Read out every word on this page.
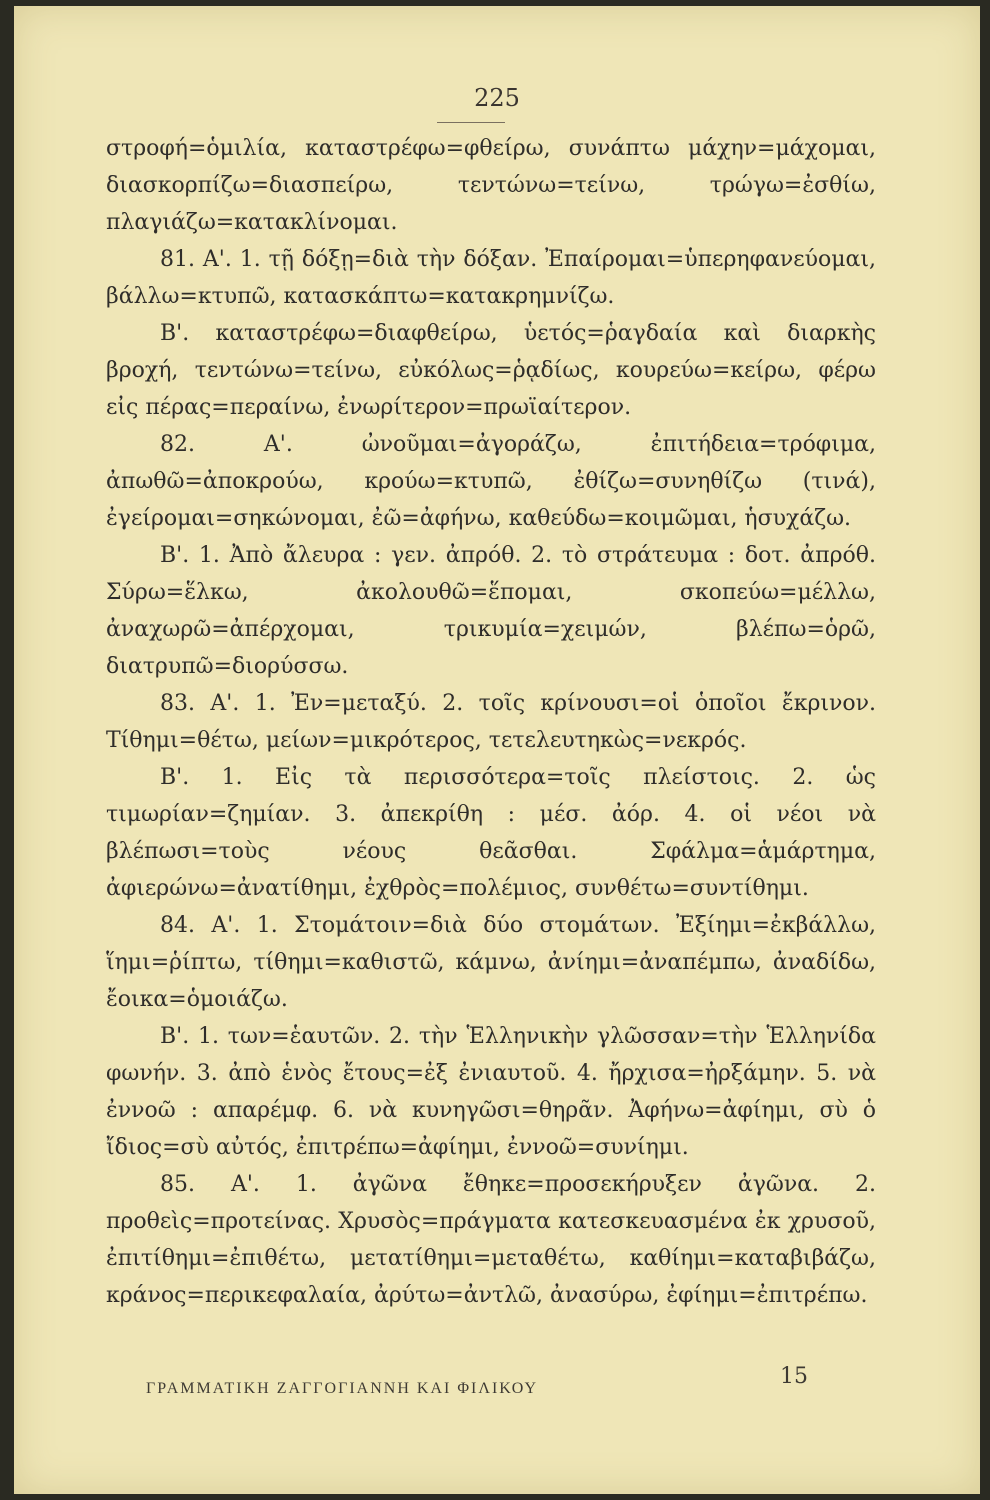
225

στροφή=ὁμιλία, καταστρέφω=φθείρω, συνάπτω μάχην=μάχομαι, διασκορπίζω=διασπείρω, τεντώνω=τείνω, τρώγω=ἐσθίω, πλαγιάζω=κατακλίνομαι.

81. Α'. 1. τῇ δόξῃ=διὰ τὴν δόξαν. Ἐπαίρομαι=ὑπερηφανεύομαι, βάλλω=κτυπῶ, κατασκάπτω=κατακρημνίζω.

Β'. καταστρέφω=διαφθείρω, ὑετός=ῥαγδαία καὶ διαρκὴς βροχή, τεντώνω=τείνω, εὐκόλως=ῥᾳδίως, κουρεύω=κείρω, φέρω εἰς πέρας=περαίνω, ἐνωρίτερον=πρωϊαίτερον.

82. Α'. ὠνοῦμαι=ἀγοράζω, ἐπιτήδεια=τρόφιμα, ἀπωθῶ=ἀποκρούω, κρούω=κτυπῶ, ἐθίζω=συνηθίζω (τινά), ἐγείρομαι=σηκώνομαι, ἐῶ=ἀφήνω, καθεύδω=κοιμῶμαι, ἡσυχάζω.

Β'. 1. Ἀπὸ ἄλευρα : γεν. ἀπρόθ. 2. τὸ στράτευμα : δοτ. ἀπρόθ. Σύρω=ἕλκω, ἀκολουθῶ=ἕπομαι, σκοπεύω=μέλλω, ἀναχωρῶ=ἀπέρχομαι, τρικυμία=χειμών, βλέπω=ὁρῶ, διατρυπῶ=διορύσσω.

83. Α'. 1. Ἐν=μεταξύ. 2. τοῖς κρίνουσι=οἱ ὁποῖοι ἔκρινον. Τίθημι=θέτω, μείων=μικρότερος, τετελευτηκὼς=νεκρός.

Β'. 1. Εἰς τὰ περισσότερα=τοῖς πλείστοις. 2. ὡς τιμωρίαν=ζημίαν. 3. ἀπεκρίθη : μέσ. ἀόρ. 4. οἱ νέοι νὰ βλέπωσι=τοὺς νέους θεᾶσθαι. Σφάλμα=ἁμάρτημα, ἀφιερώνω=ἀνατίθημι, ἐχθρὸς=πολέμιος, συνθέτω=συντίθημι.

84. Α'. 1. Στομάτοιν=διὰ δύο στομάτων. Ἐξίημι=ἐκβάλλω, ἵημι=ῥίπτω, τίθημι=καθιστῶ, κάμνω, ἀνίημι=ἀναπέμπω, ἀναδίδω, ἔοικα=ὁμοιάζω.

Β'. 1. των=ἑαυτῶν. 2. τὴν Ἑλληνικὴν γλῶσσαν=τὴν Ἑλληνίδα φωνήν. 3. ἀπὸ ἑνὸς ἔτους=ἐξ ἐνιαυτοῦ. 4. ἤρχισα=ἠρξάμην. 5. νὰ ἐννοῶ : απαρέμφ. 6. νὰ κυνηγῶσι=θηρᾶν. Ἀφήνω=ἀφίημι, σὺ ὁ ἴδιος=σὺ αὐτός, ἐπιτρέπω=ἀφίημι, ἐννοῶ=συνίημι.

85. Α'. 1. ἀγῶνα ἔθηκε=προσεκήρυξεν ἀγῶνα. 2. προθεὶς=προτείνας. Χρυσὸς=πράγματα κατεσκευασμένα ἐκ χρυσοῦ, ἐπιτίθημι=ἐπιθέτω, μετατίθημι=μεταθέτω, καθίημι=καταβιβάζω, κράνος=περικεφαλαία, ἀρύτω=ἀντλῶ, ἀνασύρω, ἐφίημι=ἐπιτρέπω.

ΓΡΑΜΜΑΤΙΚΗ ΖΑΓΓΟΓΙΑΝΝΗ ΚΑΙ ΦΙΛΙΚΟΥ	15
